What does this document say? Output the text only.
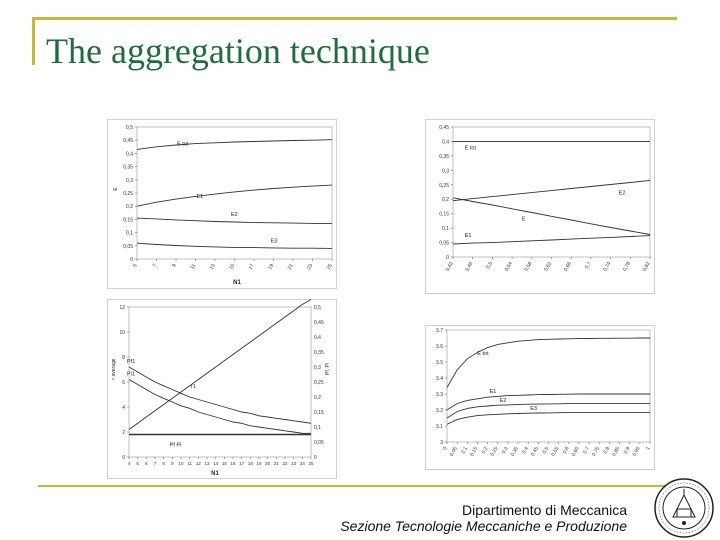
The aggregation technique
0
0,05
0,1
0,15
0,2
0,25
0,3
0,35
0,4
0,45
0,5
5	7	9 11 13 15 17 19 21 23 25
N1
E
E tot
E1
E2
E3
0
0,05
0,1
0,15
0,2
0,25
0,3
0,35
0,4
0,45
0,42 0,46 0,5 0,54 0,58 0,62 0,66 0,7 0,74 0,78 0,82
E tot
E2
E
E1
0
2
4
6
8
10
12
0
0,05
0,1
0,15
0,2
0,25
0,3
0,35
0,4
0,45
0,5
4 5 6 7 8 9 10 11 12 13 14 15 16 17 18 19 20 21 22 23 24 25
N1
r average	Pf, Pi
r1
Pf1
Pi1
Pf Pi	3
3.1
3.2
3.3
3.4
3.5
3.6
3.7
0 0.05 0.1 0.15 0.2 0.25 0.3 0.35 0.4 0.45 0.5 0.55 0.6 0.65 0.7 0.75 0.8 0.85 0.9 0.95 1
E tot
E1
E2
E3
Dipartimento di Meccanica
Sezione Tecnologie Meccaniche e Produzione
